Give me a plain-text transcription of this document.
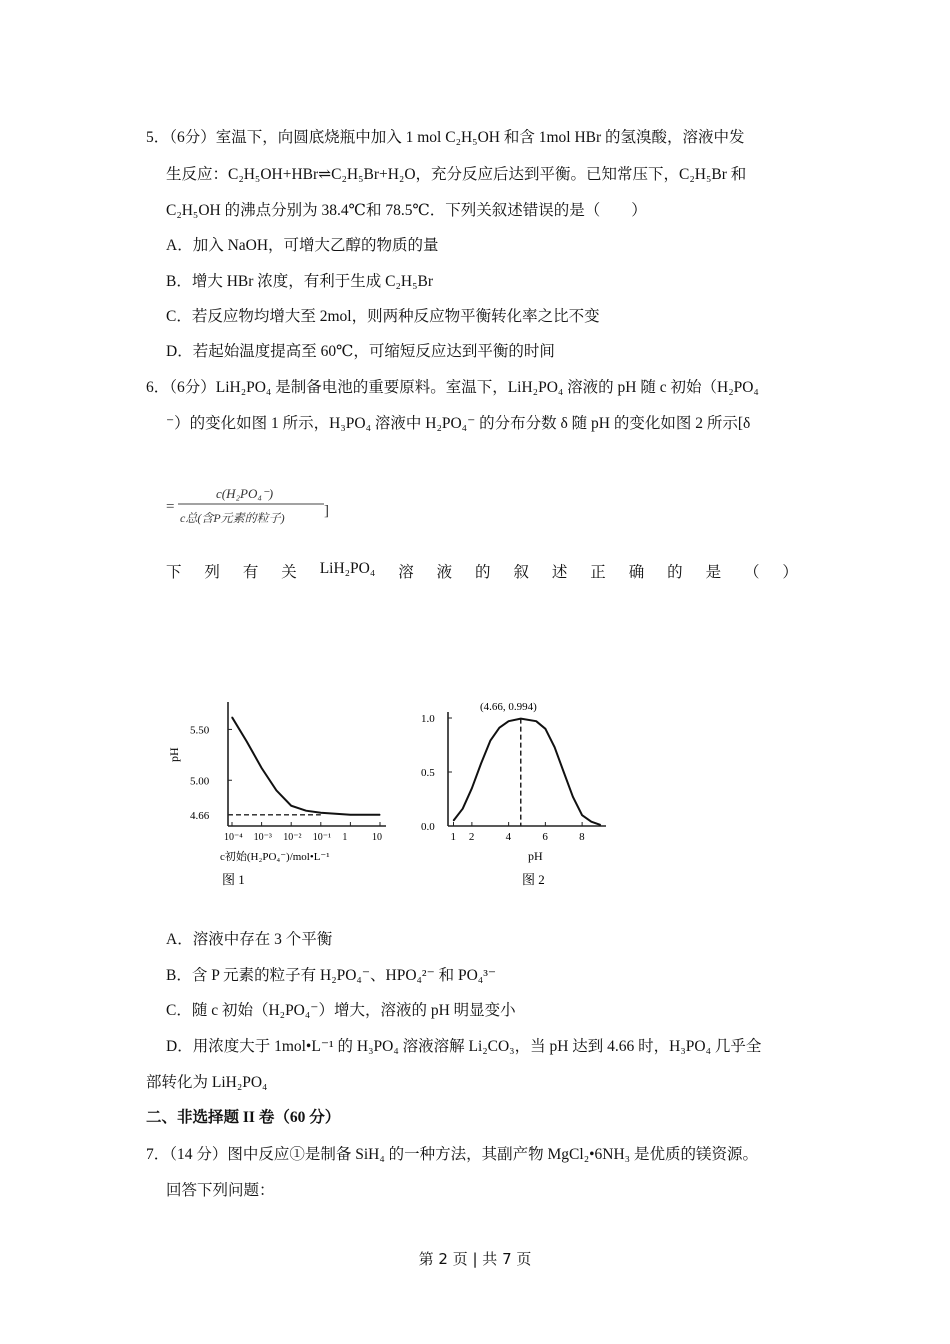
5．（6分）室温下，向圆底烧瓶中加入 1 mol C₂H₅OH 和含 1mol HBr 的氢溴酸，溶液中发
生反应：C₂H₅OH+HBr⇌C₂H₅Br+H₂O，充分反应后达到平衡。已知常压下，C₂H₅Br 和
C₂H₅OH 的沸点分别为 38.4℃和 78.5℃．下列关叙述错误的是（　　）
A．加入 NaOH，可增大乙醇的物质的量
B．增大 HBr 浓度，有利于生成 C₂H₅Br
C．若反应物均增大至 2mol，则两种反应物平衡转化率之比不变
D．若起始温度提高至 60℃，可缩短反应达到平衡的时间
6．（6分）LiH₂PO₄ 是制备电池的重要原料。室温下，LiH₂PO₄ 溶液的 pH 随 c 初始（H₂PO₄
⁻）的变化如图 1 所示，H₃PO₄ 溶液中 H₂PO₄⁻ 的分布分数 δ 随 pH 的变化如图 2 所示[δ
=
c(H₂PO₄⁻)
c总(含P元素的粒子)	]
下 列 有 关 LiH₂PO₄ 溶 液 的 叙 述 正 确 的 是 （ ）
pH
图 1
c初始(H₂PO₄⁻)/mol•L⁻¹
5.50
5.00
4.66
10⁻⁴ 10⁻³ 10⁻² 10⁻¹ 1 10
pH
图 2
(4.66, 0.994)
1.0
0.5
0.0
1 2	4	6	8
A．溶液中存在 3 个平衡
B．含 P 元素的粒子有 H₂PO₄⁻、HPO₄²⁻ 和 PO₄³⁻
C．随 c 初始（H₂PO₄⁻）增大，溶液的 pH 明显变小
D．用浓度大于 1mol•L⁻¹ 的 H₃PO₄ 溶液溶解 Li₂CO₃，当 pH 达到 4.66 时，H₃PO₄ 几乎全
部转化为 LiH₂PO₄
二、非选择题 II 卷（60 分）
7．（14 分）图中反应①是制备 SiH₄ 的一种方法，其副产物 MgCl₂•6NH₃ 是优质的镁资源。
回答下列问题：
第 2 页 | 共 7 页
